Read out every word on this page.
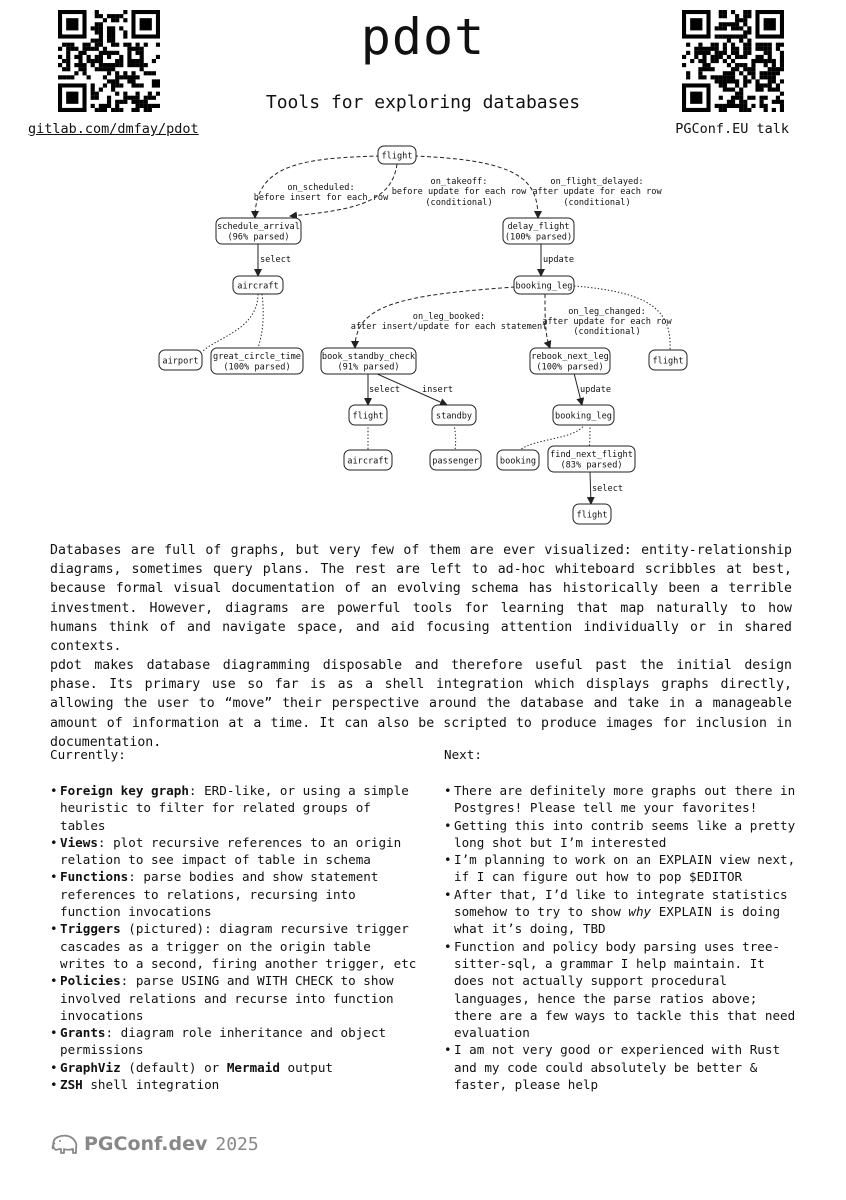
pdot
Tools for exploring databases
gitlab.com/dmfay/pdot	PGConf.EU talk
on_scheduled:
before insert for each row
on_takeoff:
before update for each row
(conditional)
on_flight_delayed:
after update for each row
(conditional)
select	update
on_leg_booked:
after insert/update for each statement
on_leg_changed:
after update for each row
(conditional)
select	insert	update
select
flight
schedule_arrival
(96% parsed)
delay_flight
(100% parsed)
aircraft	booking_leg
airport great_circle_time
(100% parsed)
book_standby_check
(91% parsed)
rebook_next_leg
(100% parsed)
flight
flight	standby	booking_leg
aircraft	passenger booking
find_next_flight
(83% parsed)
flight

Databases are full of graphs, but very few of them are ever visualized: entity-relationship diagrams, sometimes query plans. The rest are left to ad-hoc whiteboard scribbles at best, because formal visual documentation of an evolving schema has historically been a terrible investment. However, diagrams are powerful tools for learning that map naturally to how humans think of and navigate space, and aid focusing attention individually or in shared contexts.

pdot makes database diagramming disposable and therefore useful past the initial design phase. Its primary use so far is as a shell integration which displays graphs directly, allowing the user to “move” their perspective around the database and take in a manageable amount of information at a time. It can also be scripted to produce images for inclusion in documentation.

Currently:	Next:
• Foreign key graph: ERD-like, or using a simple heuristic to filter for related groups of tables
• Views: plot recursive references to an origin relation to see impact of table in schema
• Functions: parse bodies and show statement references to relations, recursing into function invocations
• Triggers (pictured): diagram recursive trigger cascades as a trigger on the origin table writes to a second, firing another trigger, etc
• Policies: parse USING and WITH CHECK to show involved relations and recurse into function invocations
• Grants: diagram role inheritance and object permissions
• GraphViz (default) or Mermaid output
• ZSH shell integration
• There are definitely more graphs out there in Postgres! Please tell me your favorites!
• Getting this into contrib seems like a pretty long shot but I’m interested
• I’m planning to work on an EXPLAIN view next, if I can figure out how to pop $EDITOR
• After that, I’d like to integrate statistics somehow to try to show why EXPLAIN is doing what it’s doing, TBD
• Function and policy body parsing uses tree-sitter-sql, a grammar I help maintain. It does not actually support procedural languages, hence the parse ratios above; there are a few ways to tackle this that need evaluation
• I am not very good or experienced with Rust and my code could absolutely be better & faster, please help
PGConf.dev 2025
